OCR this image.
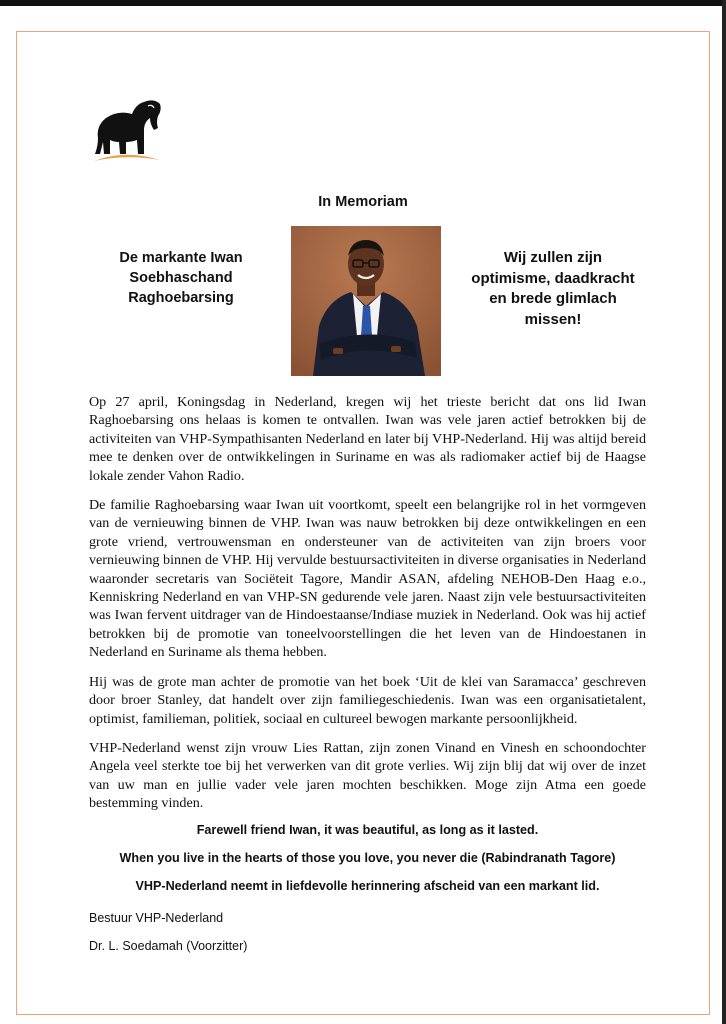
In Memoriam
De markante Iwan
Soebhaschand
Raghoebarsing
Wij zullen zijn
optimisme, daadkracht
en brede glimlach
missen!

Op 27 april, Koningsdag in Nederland, kregen wij het trieste bericht dat ons lid Iwan Raghoebarsing ons helaas is komen te ontvallen. Iwan was vele jaren actief betrokken bij de activiteiten van VHP-Sympathisanten Nederland en later bij VHP-Nederland. Hij was altijd bereid mee te denken over de ontwikkelingen in Suriname en was als radiomaker actief bij de Haagse lokale zender Vahon Radio.

De familie Raghoebarsing waar Iwan uit voortkomt, speelt een belangrijke rol in het vormgeven van de vernieuwing binnen de VHP. Iwan was nauw betrokken bij deze ontwikkelingen en een grote vriend, vertrouwensman en ondersteuner van de activiteiten van zijn broers voor vernieuwing binnen de VHP. Hij vervulde bestuursactiviteiten in diverse organisaties in Nederland waaronder secretaris van Sociëteit Tagore, Mandir ASAN, afdeling NEHOB-Den Haag e.o., Kenniskring Nederland en van VHP-SN gedurende vele jaren. Naast zijn vele bestuursactiviteiten was Iwan fervent uitdrager van de Hindoestaanse/Indiase muziek in Nederland. Ook was hij actief betrokken bij de promotie van toneelvoorstellingen die het leven van de Hindoestanen in Nederland en Suriname als thema hebben.

Hij was de grote man achter de promotie van het boek ‘Uit de klei van Saramacca’ geschreven door broer Stanley, dat handelt over zijn familiegeschiedenis. Iwan was een organisatietalent, optimist, familieman, politiek, sociaal en cultureel bewogen markante persoonlijkheid.

VHP-Nederland wenst zijn vrouw Lies Rattan, zijn zonen Vinand en Vinesh en schoondochter Angela veel sterkte toe bij het verwerken van dit grote verlies. Wij zijn blij dat wij over de inzet van uw man en jullie vader vele jaren mochten beschikken. Moge zijn Atma een goede bestemming vinden.

Farewell friend Iwan, it was beautiful, as long as it lasted.
When you live in the hearts of those you love, you never die (Rabindranath Tagore)
VHP-Nederland neemt in liefdevolle herinnering afscheid van een markant lid.
Bestuur VHP-Nederland
Dr. L. Soedamah (Voorzitter)
